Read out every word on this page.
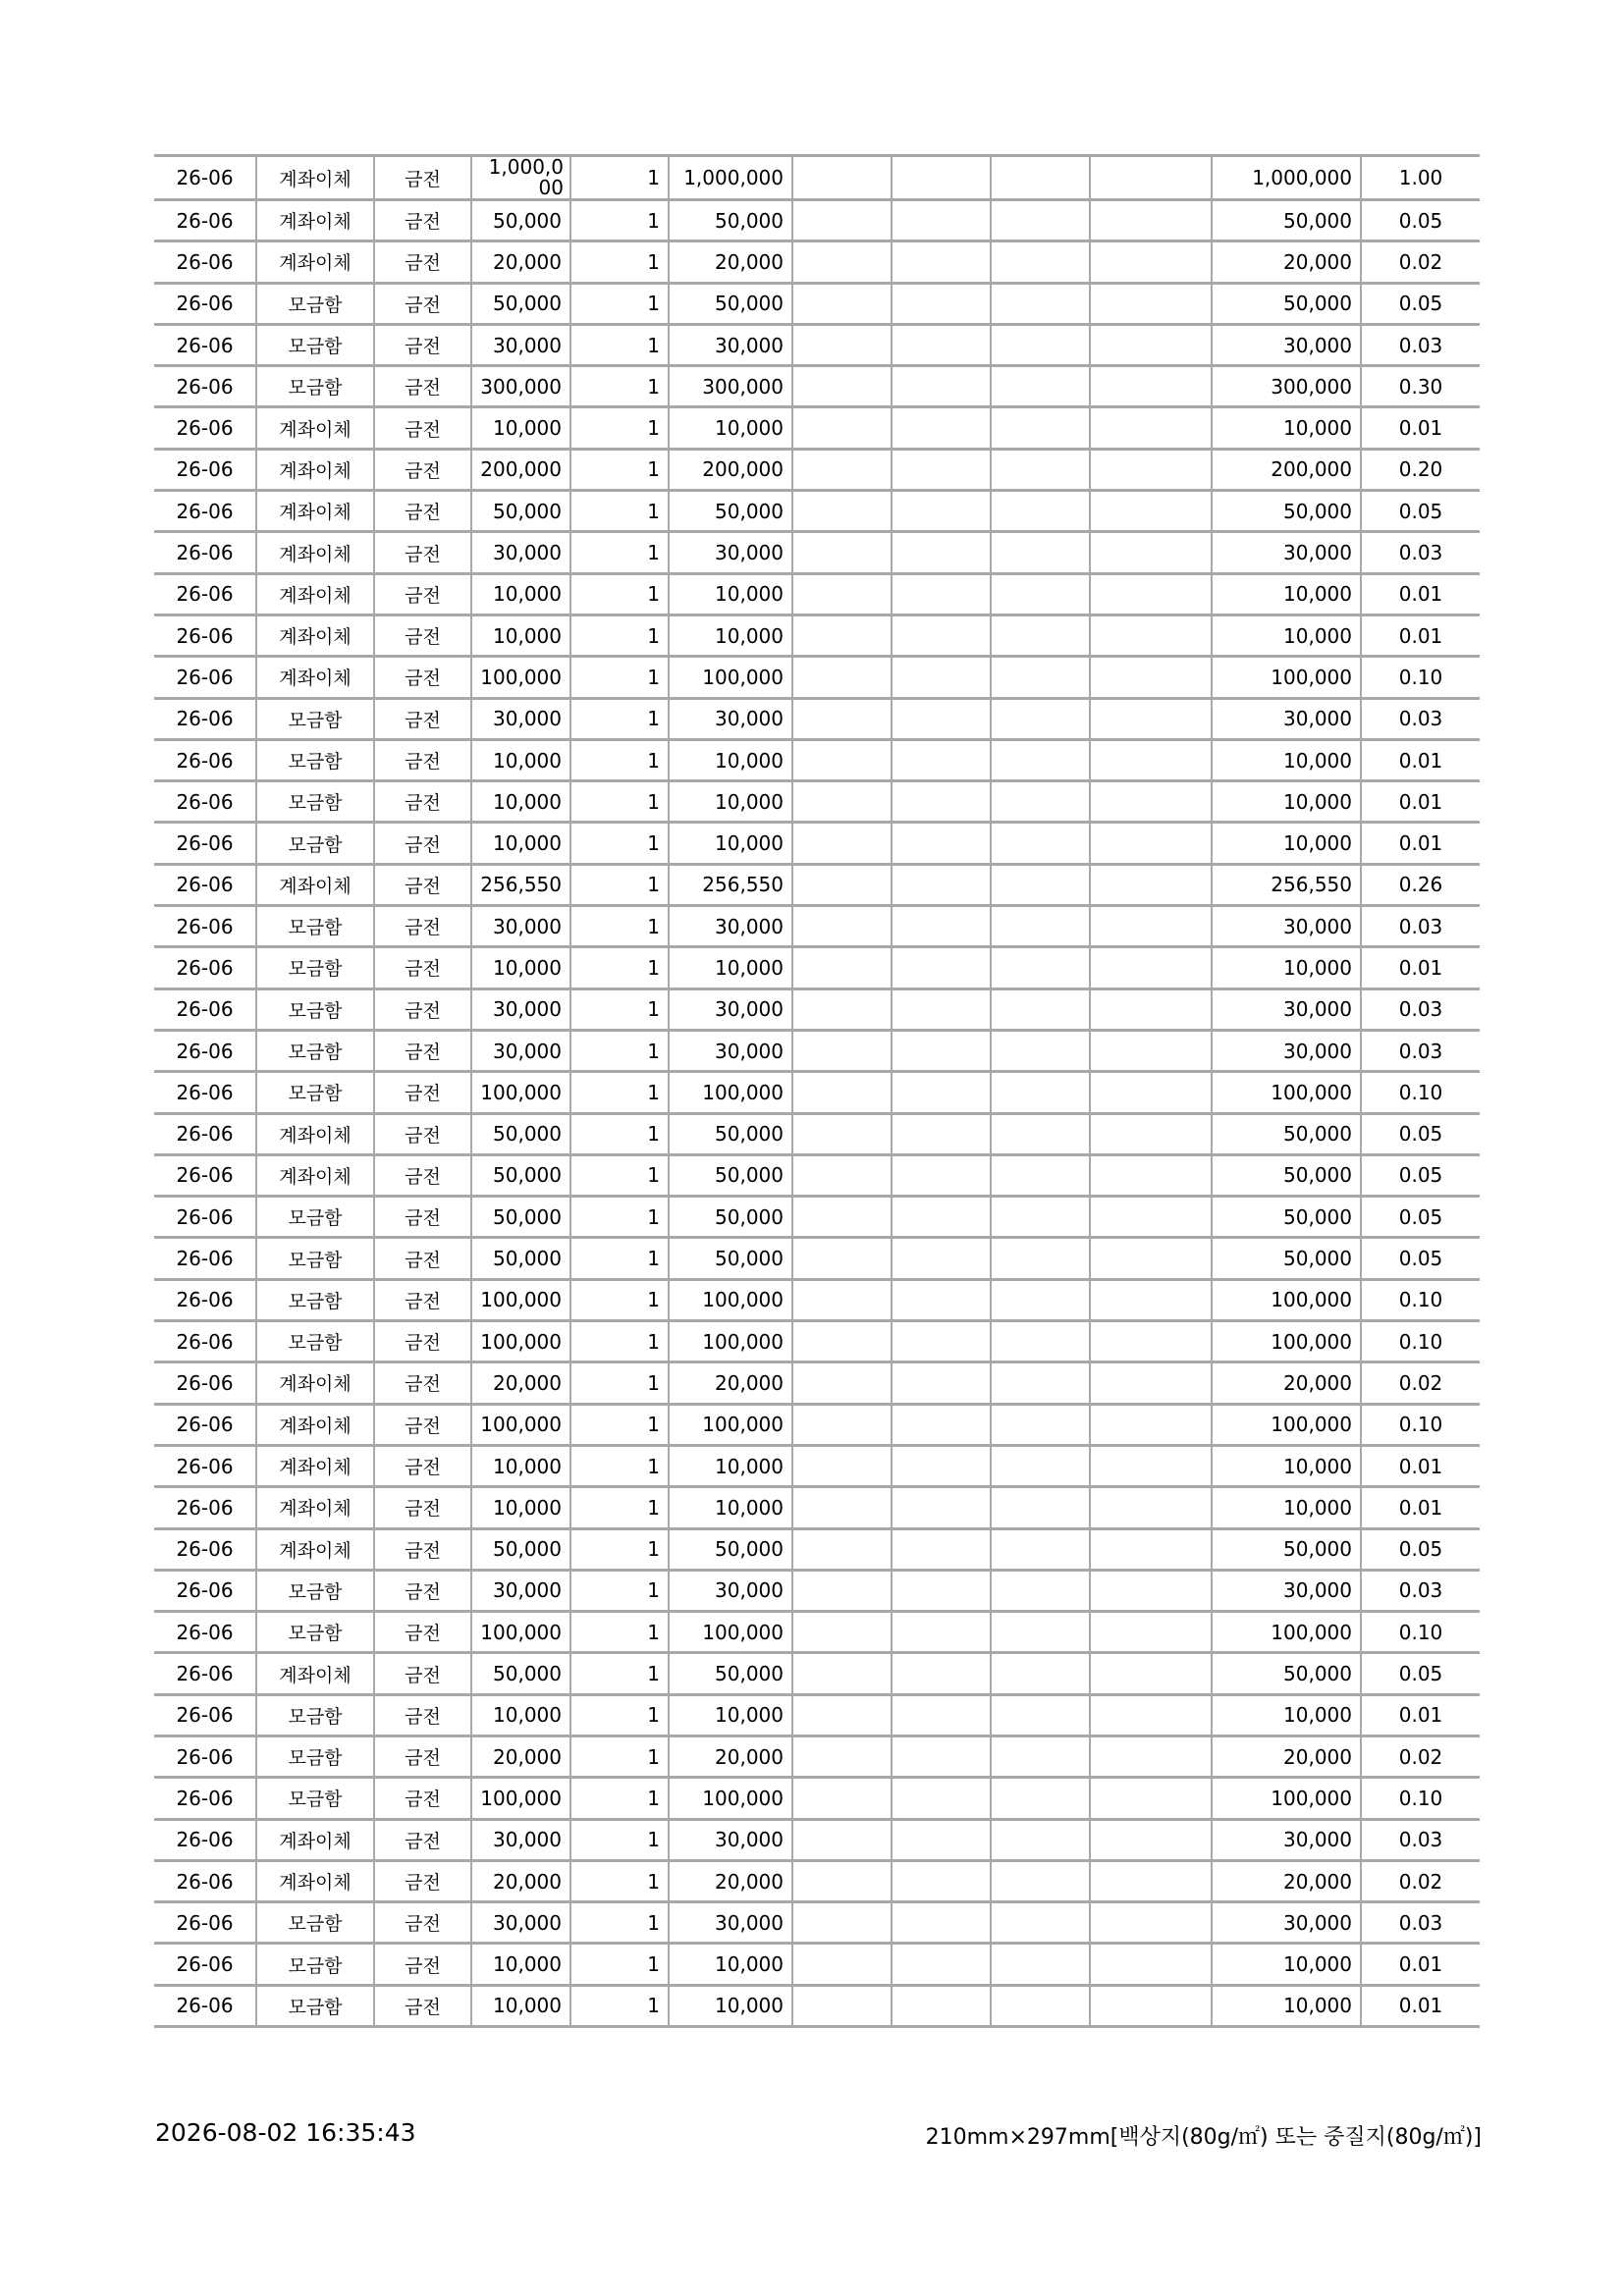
26-06	계좌이체	금전	1,000,000	1	1,000,000					1,000,000	1.00
26-06	계좌이체	금전	50,000	1	50,000					50,000	0.05
26-06	계좌이체	금전	20,000	1	20,000					20,000	0.02
26-06	모금함	금전	50,000	1	50,000					50,000	0.05
26-06	모금함	금전	30,000	1	30,000					30,000	0.03
26-06	모금함	금전	300,000	1	300,000					300,000	0.30
26-06	계좌이체	금전	10,000	1	10,000					10,000	0.01
26-06	계좌이체	금전	200,000	1	200,000					200,000	0.20
26-06	계좌이체	금전	50,000	1	50,000					50,000	0.05
26-06	계좌이체	금전	30,000	1	30,000					30,000	0.03
26-06	계좌이체	금전	10,000	1	10,000					10,000	0.01
26-06	계좌이체	금전	10,000	1	10,000					10,000	0.01
26-06	계좌이체	금전	100,000	1	100,000					100,000	0.10
26-06	모금함	금전	30,000	1	30,000					30,000	0.03
26-06	모금함	금전	10,000	1	10,000					10,000	0.01
26-06	모금함	금전	10,000	1	10,000					10,000	0.01
26-06	모금함	금전	10,000	1	10,000					10,000	0.01
26-06	계좌이체	금전	256,550	1	256,550					256,550	0.26
26-06	모금함	금전	30,000	1	30,000					30,000	0.03
26-06	모금함	금전	10,000	1	10,000					10,000	0.01
26-06	모금함	금전	30,000	1	30,000					30,000	0.03
26-06	모금함	금전	30,000	1	30,000					30,000	0.03
26-06	모금함	금전	100,000	1	100,000					100,000	0.10
26-06	계좌이체	금전	50,000	1	50,000					50,000	0.05
26-06	계좌이체	금전	50,000	1	50,000					50,000	0.05
26-06	모금함	금전	50,000	1	50,000					50,000	0.05
26-06	모금함	금전	50,000	1	50,000					50,000	0.05
26-06	모금함	금전	100,000	1	100,000					100,000	0.10
26-06	모금함	금전	100,000	1	100,000					100,000	0.10
26-06	계좌이체	금전	20,000	1	20,000					20,000	0.02
26-06	계좌이체	금전	100,000	1	100,000					100,000	0.10
26-06	계좌이체	금전	10,000	1	10,000					10,000	0.01
26-06	계좌이체	금전	10,000	1	10,000					10,000	0.01
26-06	계좌이체	금전	50,000	1	50,000					50,000	0.05
26-06	모금함	금전	30,000	1	30,000					30,000	0.03
26-06	모금함	금전	100,000	1	100,000					100,000	0.10
26-06	계좌이체	금전	50,000	1	50,000					50,000	0.05
26-06	모금함	금전	10,000	1	10,000					10,000	0.01
26-06	모금함	금전	20,000	1	20,000					20,000	0.02
26-06	모금함	금전	100,000	1	100,000					100,000	0.10
26-06	계좌이체	금전	30,000	1	30,000					30,000	0.03
26-06	계좌이체	금전	20,000	1	20,000					20,000	0.02
26-06	모금함	금전	30,000	1	30,000					30,000	0.03
26-06	모금함	금전	10,000	1	10,000					10,000	0.01
26-06	모금함	금전	10,000	1	10,000					10,000	0.01
2026-08-02 16:35:43	210mm×297mm[백상지(80g/㎡) 또는 중질지(80g/㎡)]
